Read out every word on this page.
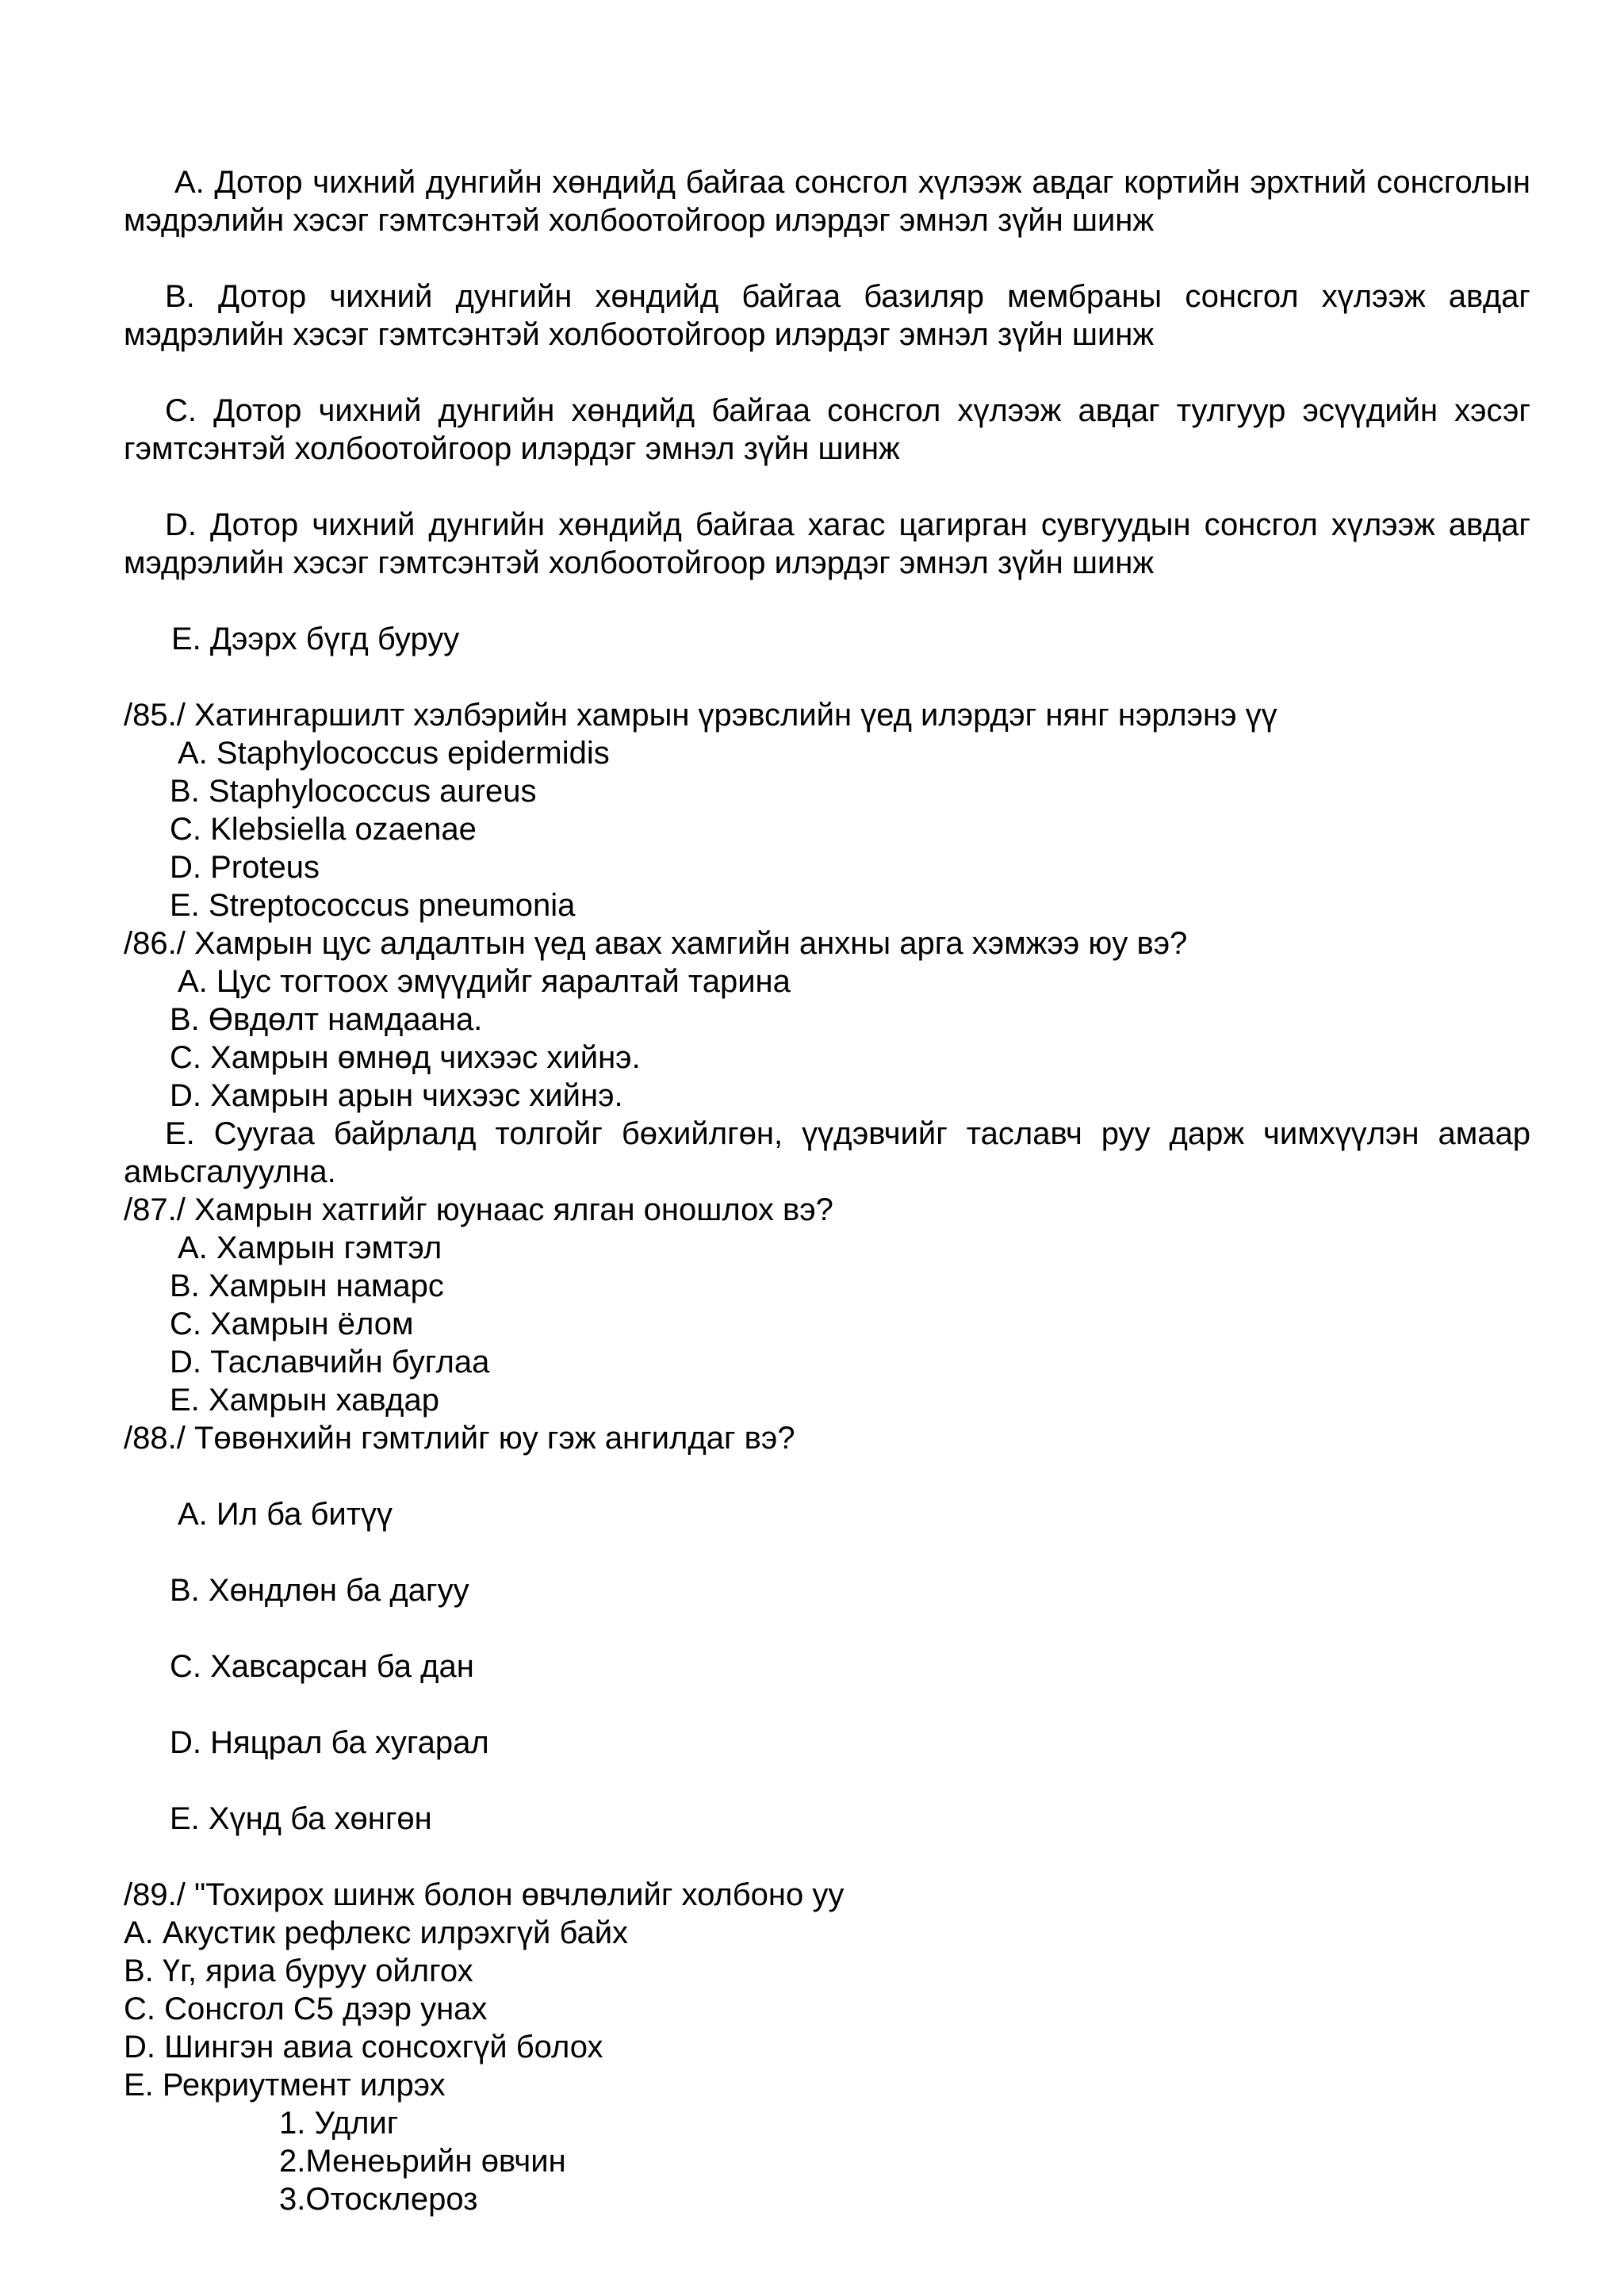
A. Дотор чихний дунгийн хөндийд байгаа сонсгол хүлээж авдаг кортийн эрхтний сонсголын мэдрэлийн хэсэг гэмтсэнтэй холбоотойгоор илэрдэг эмнэл зүйн шинж
B. Дотор чихний дунгийн хөндийд байгаа базиляр мембраны сонсгол хүлээж авдаг мэдрэлийн хэсэг гэмтсэнтэй холбоотойгоор илэрдэг эмнэл зүйн шинж
C. Дотор чихний дунгийн хөндийд байгаа сонсгол хүлээж авдаг тулгуур эсүүдийн хэсэг гэмтсэнтэй холбоотойгоор илэрдэг эмнэл зүйн шинж
D. Дотор чихний дунгийн хөндийд байгаа хагас цагирган сувгуудын сонсгол хүлээж авдаг мэдрэлийн хэсэг гэмтсэнтэй холбоотойгоор илэрдэг эмнэл зүйн шинж
E. Дээрх бүгд буруу
/85./ Хатингаршилт хэлбэрийн хамрын үрэвслийн үед илэрдэг нянг нэрлэнэ үү
A. Staphylococcus epidermidis
B. Staphylococcus aureus
C. Klebsiella ozaenae
D. Proteus
E. Streptococcus pneumonia
/86./ Хамрын цус алдалтын үед авах хамгийн анхны арга хэмжээ юу вэ?
A. Цус тогтоох эмүүдийг яаралтай тарина
B. Өвдөлт намдаана.
C. Хамрын өмнөд чихээс хийнэ.
D. Хамрын арын чихээс хийнэ.
E. Суугаа байрлалд толгойг бөхийлгөн, үүдэвчийг таславч руу дарж чимхүүлэн амаар амьсгалуулна.
/87./ Хамрын хатгийг юунаас ялган оношлох вэ?
A. Хамрын гэмтэл
B. Хамрын намарс
C. Хамрын ёлом
D. Таславчийн буглаа
E. Хамрын хавдар
/88./ Төвөнхийн гэмтлийг юу гэж ангилдаг вэ?
A. Ил ба битүү
B. Хөндлөн ба дагуу
C. Хавсарсан ба дан
D. Няцрал ба хугарал
E. Хүнд ба хөнгөн
/89./ "Тохирох шинж болон өвчлөлийг холбоно уу
A. Акустик рефлекс илрэхгүй байх
B. Үг, яриа буруу ойлгох
C. Сонсгол С5 дээр унах
D. Шингэн авиа сонсохгүй болох
E. Рекриутмент илрэх
1. Удлиг
2.Менеьрийн өвчин
3.Отосклероз
